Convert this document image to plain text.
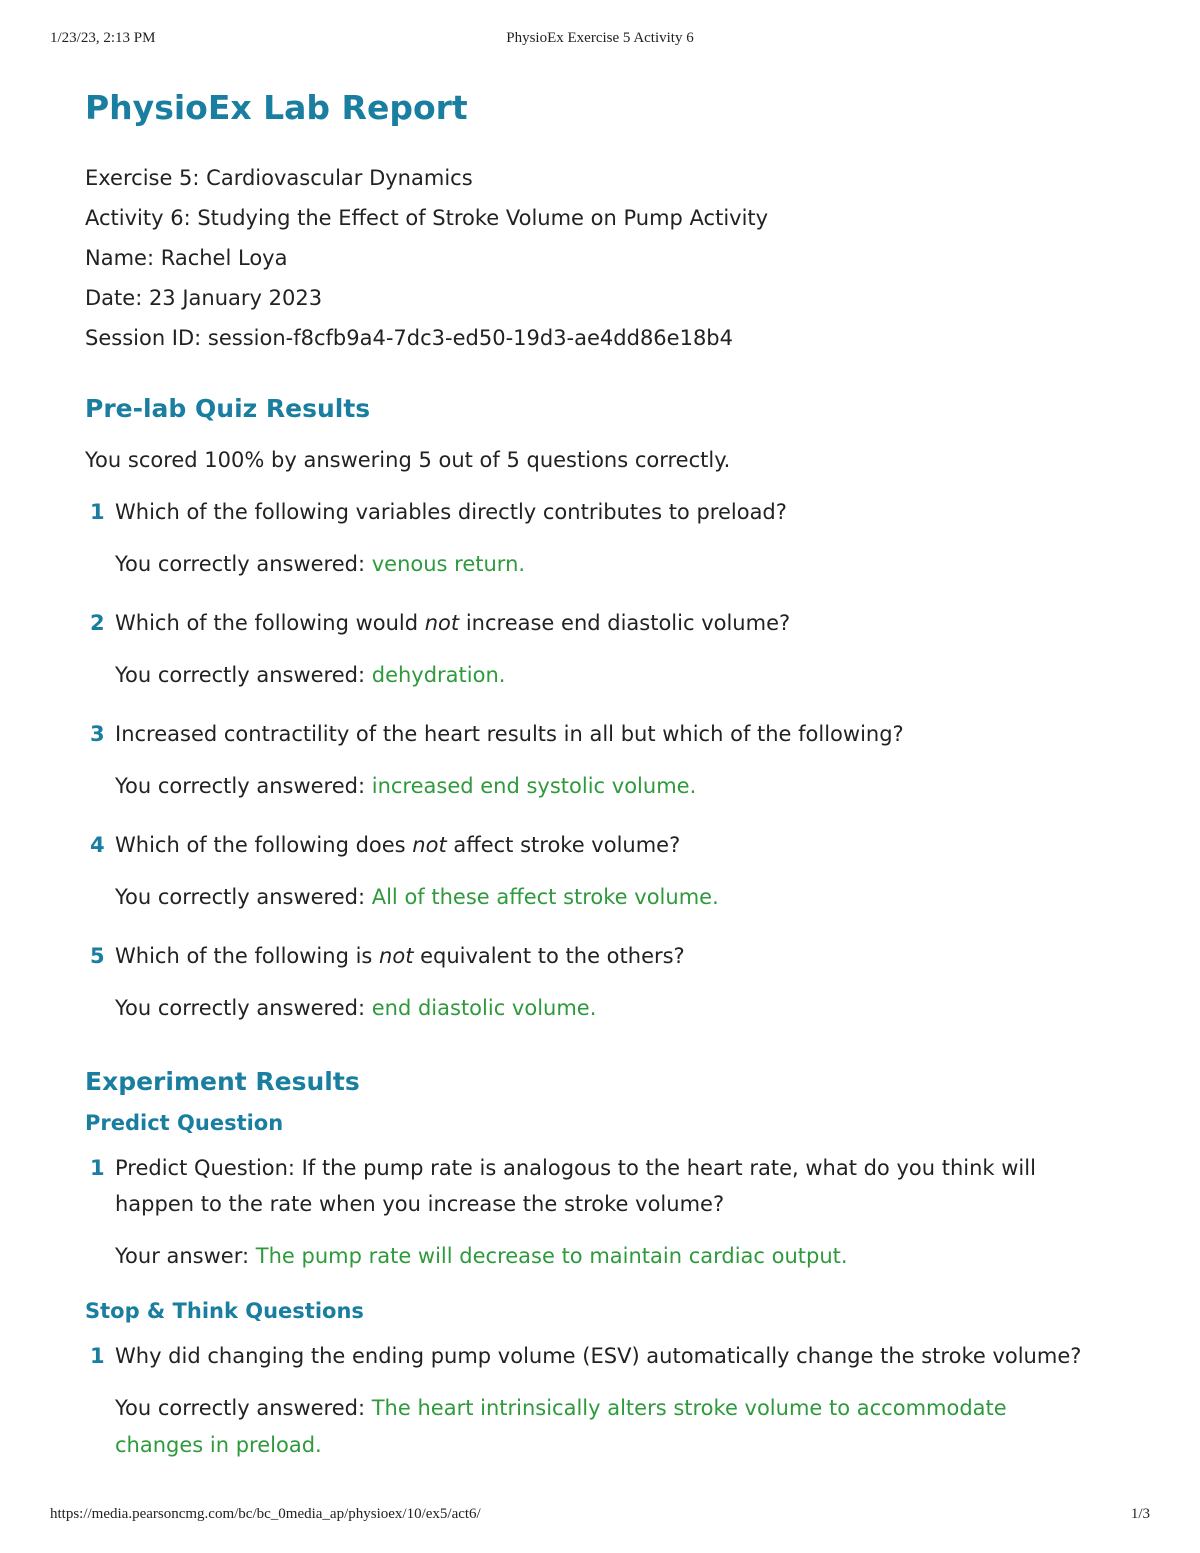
1/23/23, 2:13 PM	PhysioEx Exercise 5 Activity 6
PhysioEx Lab Report
Exercise 5: Cardiovascular Dynamics
Activity 6: Studying the Effect of Stroke Volume on Pump Activity
Name: Rachel Loya
Date: 23 January 2023
Session ID: session-f8cfb9a4-7dc3-ed50-19d3-ae4dd86e18b4
Pre-lab Quiz Results
You scored 100% by answering 5 out of 5 questions correctly.
1 Which of the following variables directly contributes to preload?
You correctly answered: venous return.
2 Which of the following would not increase end diastolic volume?
You correctly answered: dehydration.
3 Increased contractility of the heart results in all but which of the following?
You correctly answered: increased end systolic volume.
4 Which of the following does not affect stroke volume?
You correctly answered: All of these affect stroke volume.
5 Which of the following is not equivalent to the others?
You correctly answered: end diastolic volume.
Experiment Results
Predict Question
1 Predict Question: If the pump rate is analogous to the heart rate, what do you think will
happen to the rate when you increase the stroke volume?
Your answer: The pump rate will decrease to maintain cardiac output.
Stop & Think Questions
1 Why did changing the ending pump volume (ESV) automatically change the stroke volume?
You correctly answered: The heart intrinsically alters stroke volume to accommodate
changes in preload.
https://media.pearsoncmg.com/bc/bc_0media_ap/physioex/10/ex5/act6/	1/3
